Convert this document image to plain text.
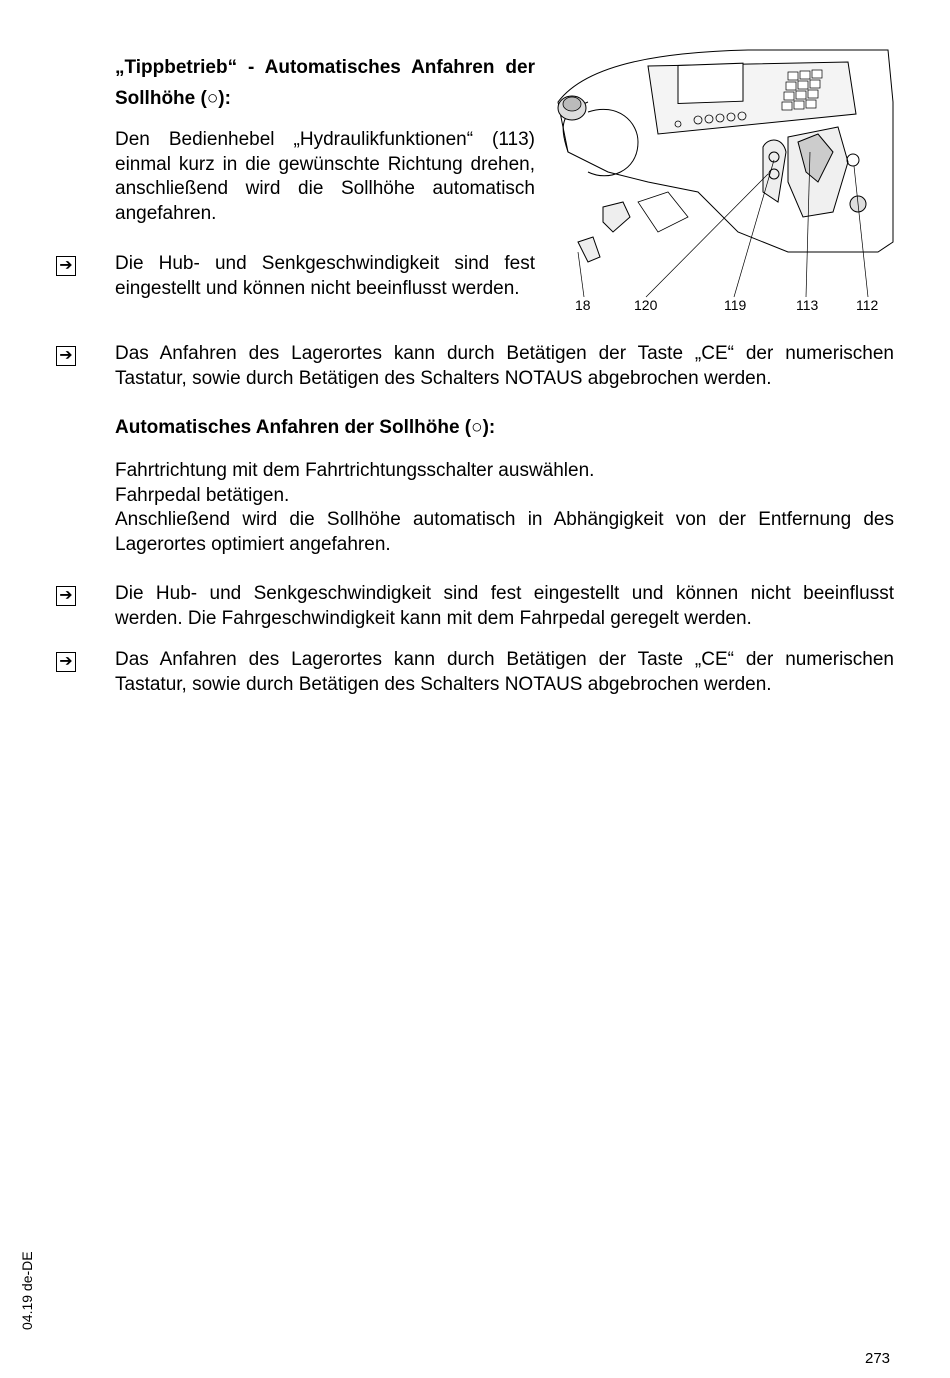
„Tippbetrieb“ - Automatisches Anfahren der Sollhöhe (○):

Den Bedienhebel „Hydraulikfunktionen“ (113) einmal kurz in die gewünschte Richtung drehen, anschließend wird die Sollhöhe automatisch angefahren.

➔ Die Hub- und Senkgeschwindigkeit sind fest eingestellt und können nicht beeinflusst werden.

18	120	119	113	112
➔ Das Anfahren des Lagerortes kann durch Betätigen der Taste „CE“ der numerischen Tastatur, sowie durch Betätigen des Schalters NOTAUS abgebrochen werden.

Automatisches Anfahren der Sollhöhe (○):

Fahrtrichtung mit dem Fahrtrichtungsschalter auswählen.

Fahrpedal betätigen.

Anschließend wird die Sollhöhe automatisch in Abhängigkeit von der Entfernung des Lagerortes optimiert angefahren.

➔ Die Hub- und Senkgeschwindigkeit sind fest eingestellt und können nicht beeinflusst werden. Die Fahrgeschwindigkeit kann mit dem Fahrpedal geregelt werden.

➔ Das Anfahren des Lagerortes kann durch Betätigen der Taste „CE“ der numerischen Tastatur, sowie durch Betätigen des Schalters NOTAUS abgebrochen werden.

04.19 de-DE
273
